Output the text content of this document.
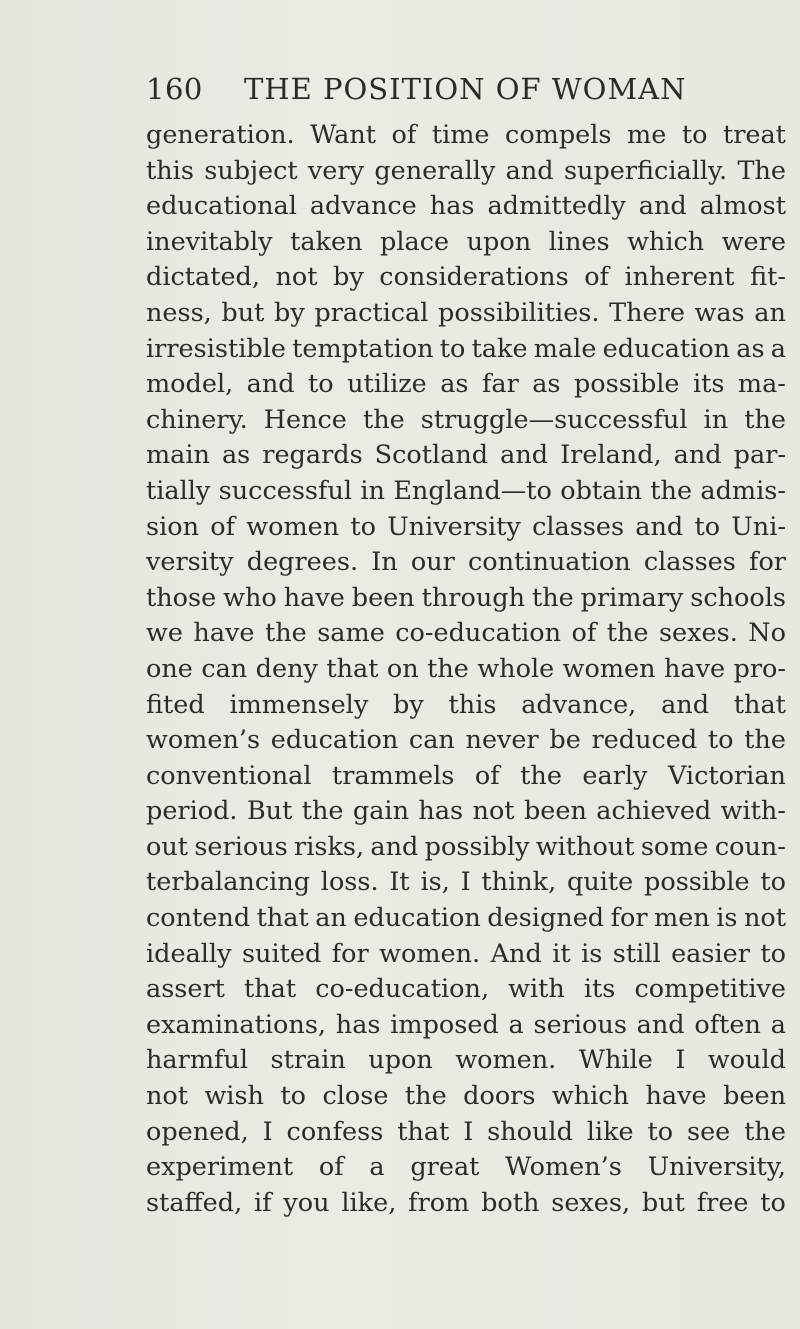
160 THE POSITION OF WOMAN
generation. Want of time compels me to treat
this subject very generally and superficially. The
educational advance has admittedly and almost
inevitably taken place upon lines which were
dictated, not by considerations of inherent fit-
ness, but by practical possibilities. There was an
irresistible temptation to take male education as a
model, and to utilize as far as possible its ma-
chinery. Hence the struggle—successful in the
main as regards Scotland and Ireland, and par-
tially successful in England—to obtain the admis-
sion of women to University classes and to Uni-
versity degrees. In our continuation classes for
those who have been through the primary schools
we have the same co-education of the sexes. No
one can deny that on the whole women have pro-
fited immensely by this advance, and that
women’s education can never be reduced to the
conventional trammels of the early Victorian
period. But the gain has not been achieved with-
out serious risks, and possibly without some coun-
terbalancing loss. It is, I think, quite possible to
contend that an education designed for men is not
ideally suited for women. And it is still easier to
assert that co-education, with its competitive
examinations, has imposed a serious and often a
harmful strain upon women. While I would
not wish to close the doors which have been
opened, I confess that I should like to see the
experiment of a great Women’s University,
staffed, if you like, from both sexes, but free to
